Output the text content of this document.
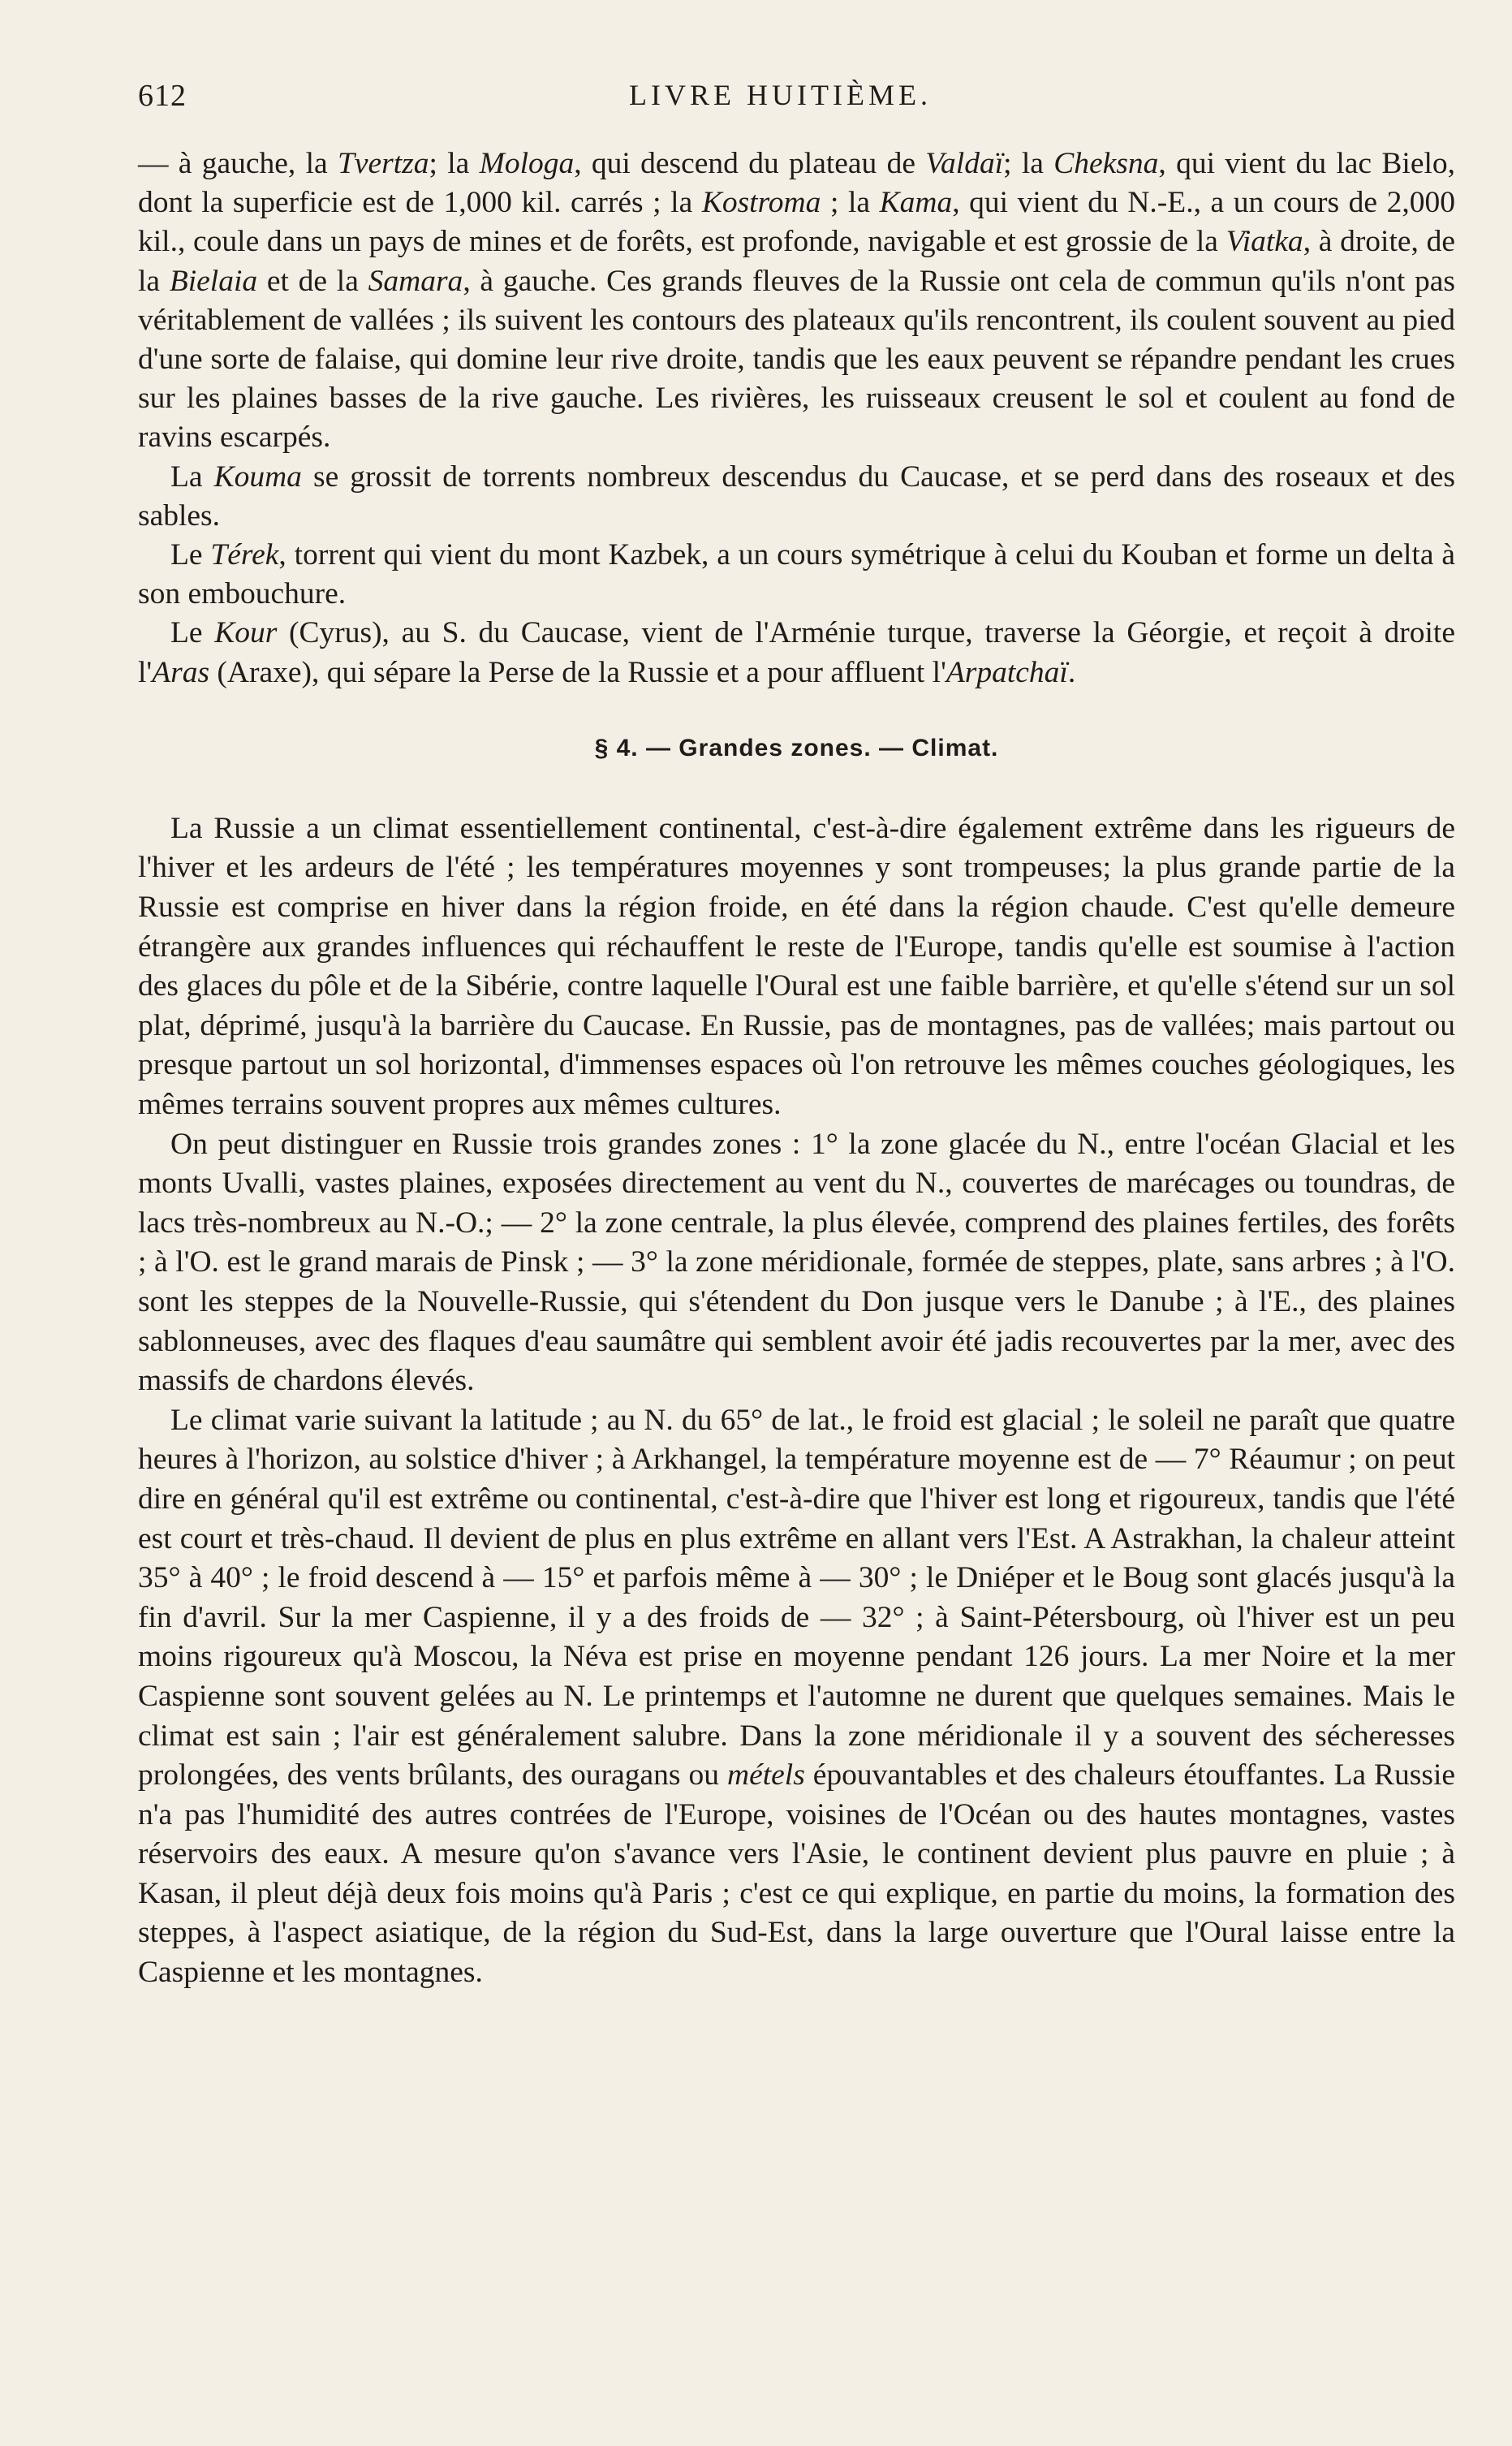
612	LIVRE HUITIÈME.

— à gauche, la Tvertza; la Mologa, qui descend du plateau de Valdaï; la Cheksna, qui vient du lac Bielo, dont la superficie est de 1,000 kil. carrés ; la Kostroma ; la Kama, qui vient du N.-E., a un cours de 2,000 kil., coule dans un pays de mines et de forêts, est profonde, navigable et est grossie de la Viatka, à droite, de la Bielaia et de la Samara, à gauche. Ces grands fleuves de la Russie ont cela de commun qu'ils n'ont pas véritablement de vallées ; ils suivent les contours des plateaux qu'ils rencontrent, ils coulent souvent au pied d'une sorte de falaise, qui domine leur rive droite, tandis que les eaux peuvent se répandre pendant les crues sur les plaines basses de la rive gauche. Les rivières, les ruisseaux creusent le sol et coulent au fond de ravins escarpés.

La Kouma se grossit de torrents nombreux descendus du Caucase, et se perd dans des roseaux et des sables.

Le Térek, torrent qui vient du mont Kazbek, a un cours symétrique à celui du Kouban et forme un delta à son embouchure.

Le Kour (Cyrus), au S. du Caucase, vient de l'Arménie turque, traverse la Géorgie, et reçoit à droite l'Aras (Araxe), qui sépare la Perse de la Russie et a pour affluent l'Arpatchaï.

§ 4. — Grandes zones. — Climat.

La Russie a un climat essentiellement continental, c'est-à-dire également extrême dans les rigueurs de l'hiver et les ardeurs de l'été ; les températures moyennes y sont trompeuses; la plus grande partie de la Russie est comprise en hiver dans la région froide, en été dans la région chaude. C'est qu'elle demeure étrangère aux grandes influences qui réchauffent le reste de l'Europe, tandis qu'elle est soumise à l'action des glaces du pôle et de la Sibérie, contre laquelle l'Oural est une faible barrière, et qu'elle s'étend sur un sol plat, déprimé, jusqu'à la barrière du Caucase. En Russie, pas de montagnes, pas de vallées; mais partout ou presque partout un sol horizontal, d'immenses espaces où l'on retrouve les mêmes couches géologiques, les mêmes terrains souvent propres aux mêmes cultures.

On peut distinguer en Russie trois grandes zones : 1° la zone glacée du N., entre l'océan Glacial et les monts Uvalli, vastes plaines, exposées directement au vent du N., couvertes de marécages ou toundras, de lacs très-nombreux au N.-O.; — 2° la zone centrale, la plus élevée, comprend des plaines fertiles, des forêts ; à l'O. est le grand marais de Pinsk ; — 3° la zone méridionale, formée de steppes, plate, sans arbres ; à l'O. sont les steppes de la Nouvelle-Russie, qui s'étendent du Don jusque vers le Danube ; à l'E., des plaines sablonneuses, avec des flaques d'eau saumâtre qui semblent avoir été jadis recouvertes par la mer, avec des massifs de chardons élevés.

Le climat varie suivant la latitude ; au N. du 65° de lat., le froid est glacial ; le soleil ne paraît que quatre heures à l'horizon, au solstice d'hiver ; à Arkhangel, la température moyenne est de — 7° Réaumur ; on peut dire en général qu'il est extrême ou continental, c'est-à-dire que l'hiver est long et rigoureux, tandis que l'été est court et très-chaud. Il devient de plus en plus extrême en allant vers l'Est. A Astrakhan, la chaleur atteint 35° à 40° ; le froid descend à — 15° et parfois même à — 30° ; le Dniéper et le Boug sont glacés jusqu'à la fin d'avril. Sur la mer Caspienne, il y a des froids de — 32° ; à Saint-Pétersbourg, où l'hiver est un peu moins rigoureux qu'à Moscou, la Néva est prise en moyenne pendant 126 jours. La mer Noire et la mer Caspienne sont souvent gelées au N. Le printemps et l'automne ne durent que quelques semaines. Mais le climat est sain ; l'air est généralement salubre. Dans la zone méridionale il y a souvent des sécheresses prolongées, des vents brûlants, des ouragans ou métels épouvantables et des chaleurs étouffantes. La Russie n'a pas l'humidité des autres contrées de l'Europe, voisines de l'Océan ou des hautes montagnes, vastes réservoirs des eaux. A mesure qu'on s'avance vers l'Asie, le continent devient plus pauvre en pluie ; à Kasan, il pleut déjà deux fois moins qu'à Paris ; c'est ce qui explique, en partie du moins, la formation des steppes, à l'aspect asiatique, de la région du Sud-Est, dans la large ouverture que l'Oural laisse entre la Caspienne et les montagnes.
